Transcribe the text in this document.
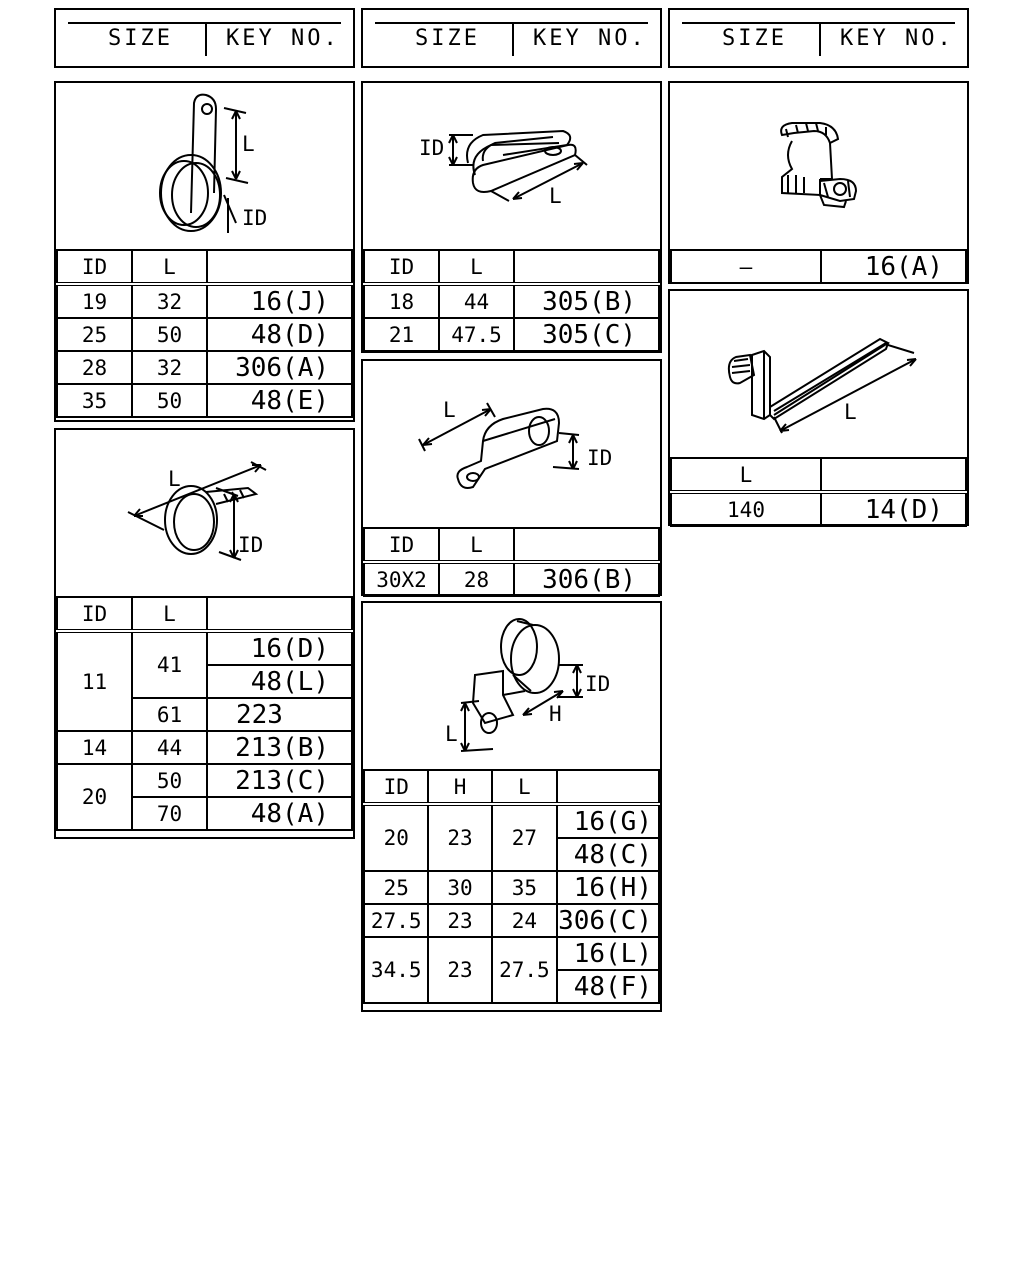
SIZE KEY NO.	SIZE KEY NO.	SIZE KEY NO.
L
ID
ID	L	
19	32	16(J)
25	50	48(D)
28	32	306(A)
35	50	48(E)
L
ID
ID	L	
11	41	16(D)
		48(L)
	61	223
14	44	213(B)
20	50	213(C)
	70	48(A)
ID
L
ID	L	
18	44	305(B)
21	47.5	305(C)
L
ID
ID	L	
30X2	28	306(B)
L
H
ID
ID	H	L	
20	23	27	16(G)
			48(C)
25	30	35	16(H)
27.5	23	24	306(C)
34.5	23	27.5	16(L)
			48(F)
—	16(A)
L
L	
140	14(D)
